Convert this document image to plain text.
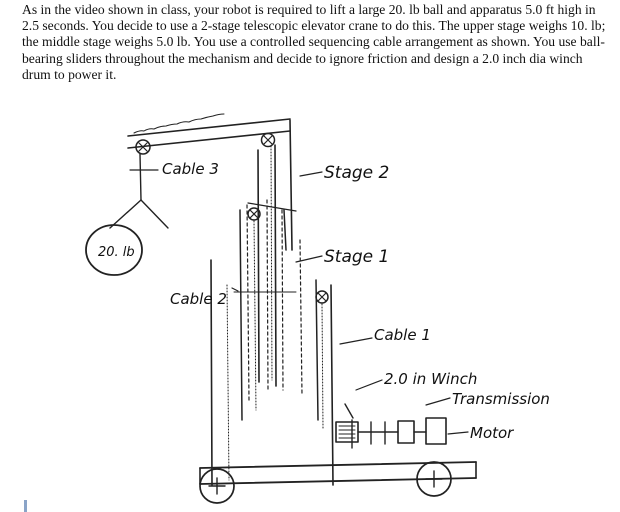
As in the video shown in class, your robot is required to lift a large 20. lb ball and apparatus 5.0 ft high in 2.5 seconds. You decide to use a 2-stage telescopic elevator crane to do this. The upper stage weighs 10. lb; the middle stage weighs 5.0 lb. You use a controlled sequencing cable arrangement as shown. You use ball-bearing sliders throughout the mechanism and decide to ignore friction and design a 2.0 inch dia winch drum to power it.

20. lb
Cable 3	Stage 2
Stage 1
Cable 2
Cable 1
2.0 in Winch
Transmission
Motor
